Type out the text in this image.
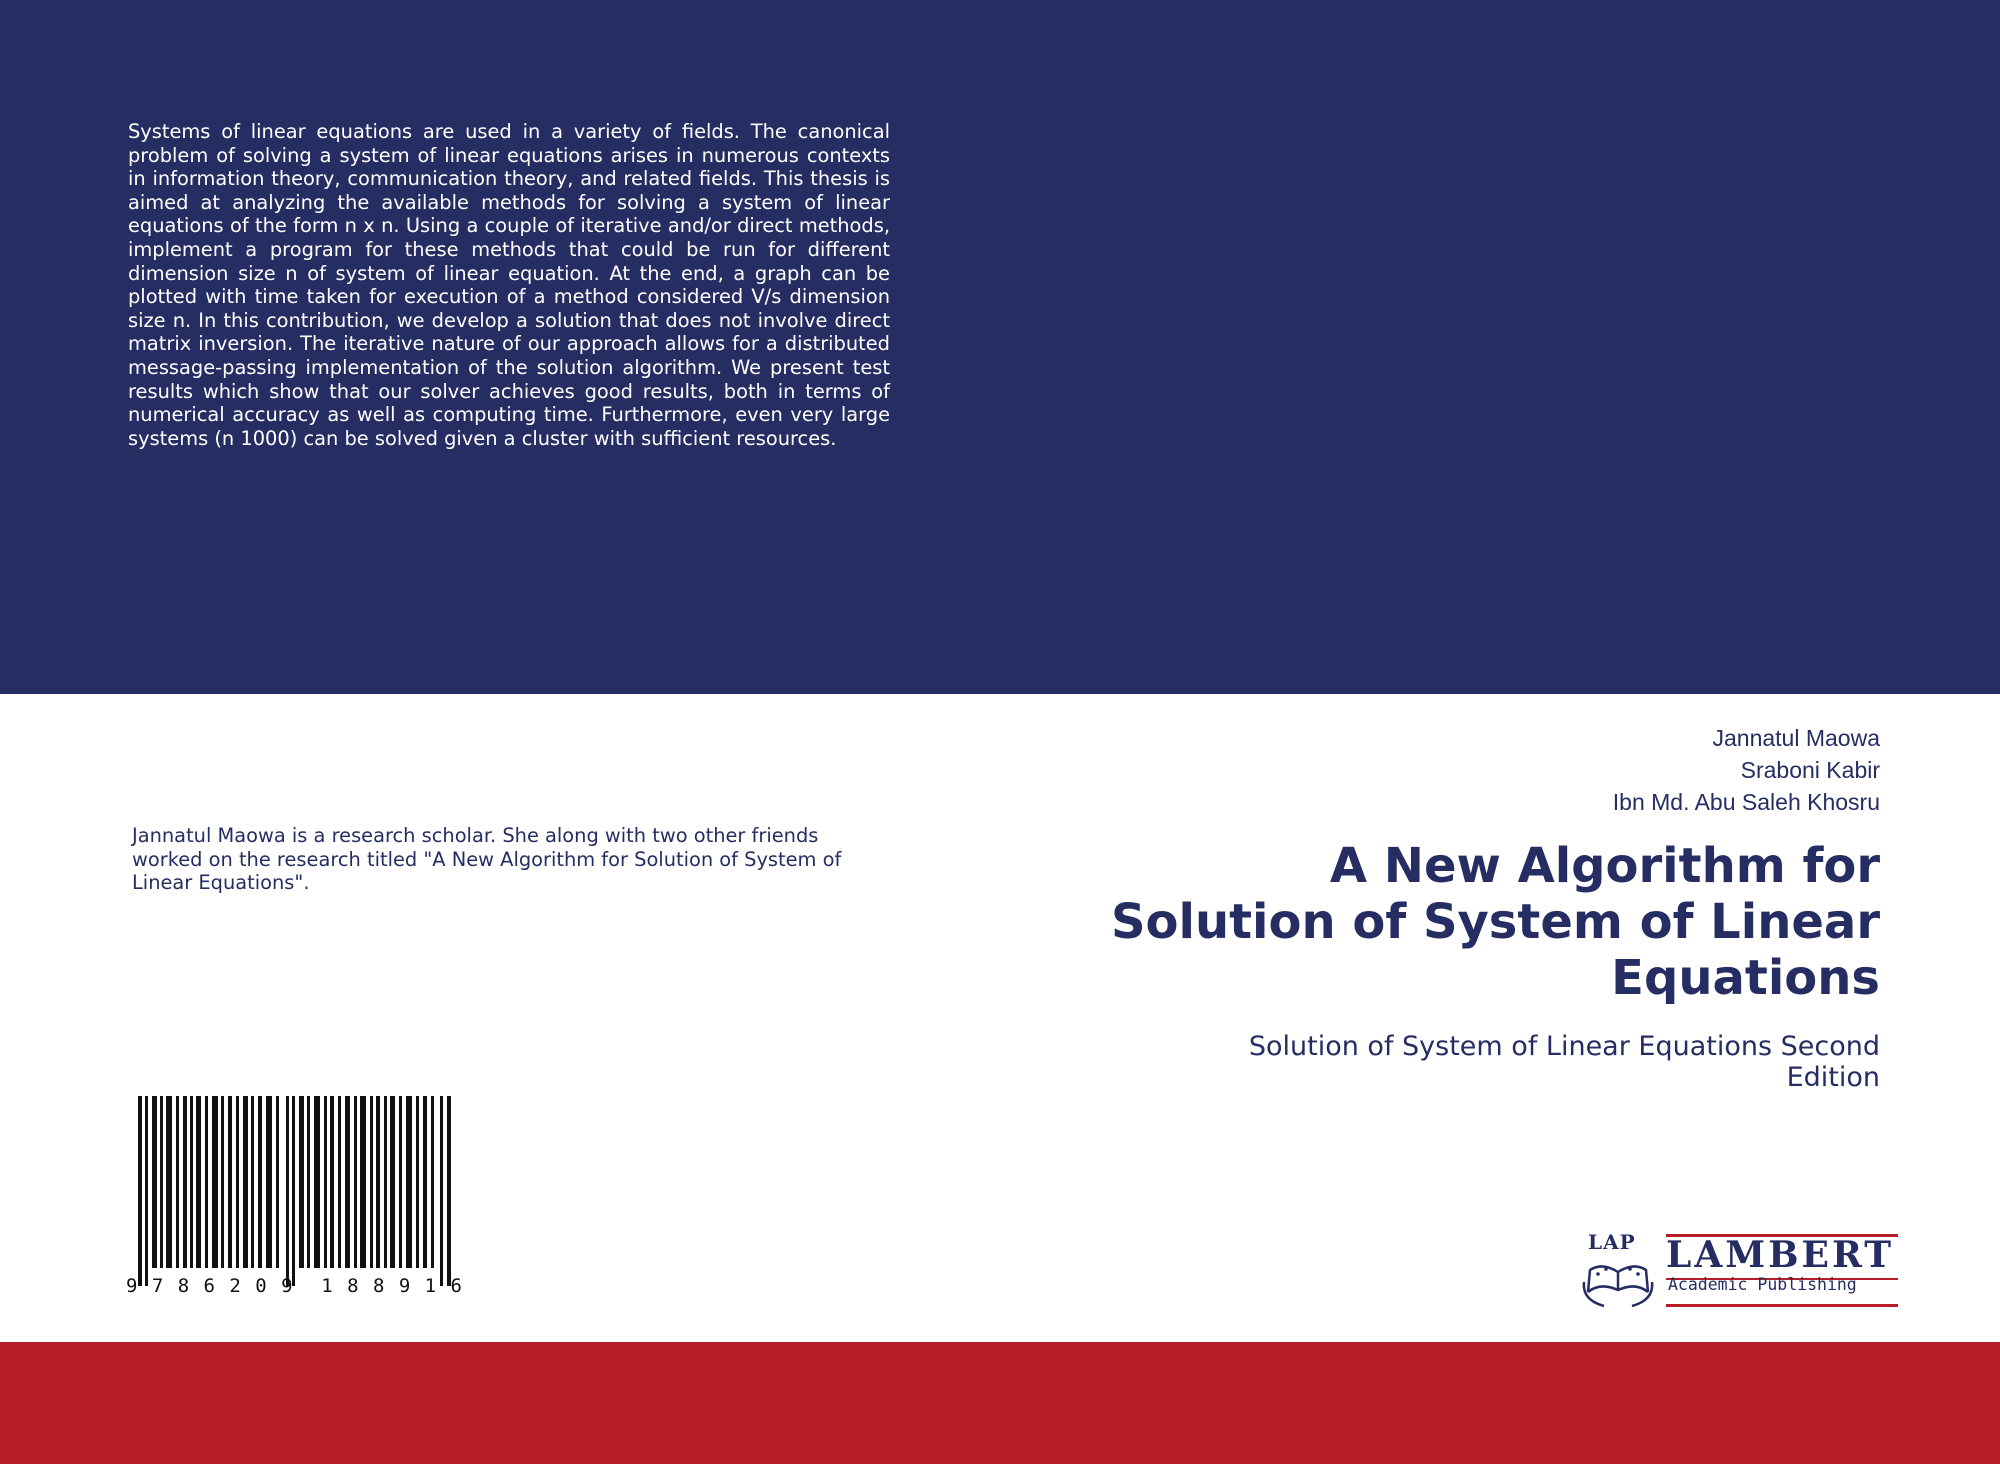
Systems of linear equations are used in a variety of fields. The canonical problem of solving a system of linear equations arises in numerous contexts in information theory, communication theory, and related fields. This thesis is aimed at analyzing the available methods for solving a system of linear equations of the form n x n. Using a couple of iterative and/or direct methods, implement a program for these methods that could be run for different dimension size n of system of linear equation. At the end, a graph can be plotted with time taken for execution of a method considered V/s dimension size n. In this contribution, we develop a solution that does not involve direct matrix inversion. The iterative nature of our approach allows for a distributed message-passing implementation of the solution algorithm. We present test results which show that our solver achieves good results, both in terms of numerical accuracy as well as computing time. Furthermore, even very large systems (n 1000) can be solved given a cluster with sufficient resources.

Jannatul Maowa is a research scholar. She along with two other friends worked on the research titled "A New Algorithm for Solution of System of Linear Equations".

Jannatul Maowa
Sraboni Kabir
Ibn Md. Abu Saleh Khosru
A New Algorithm for
Solution of System of Linear
Equations

Solution of System of Linear Equations Second
Edition

9 7 8 6 2 0 9 1 8 8 9 1 6
LAP LAMBERT
Academic Publishing
